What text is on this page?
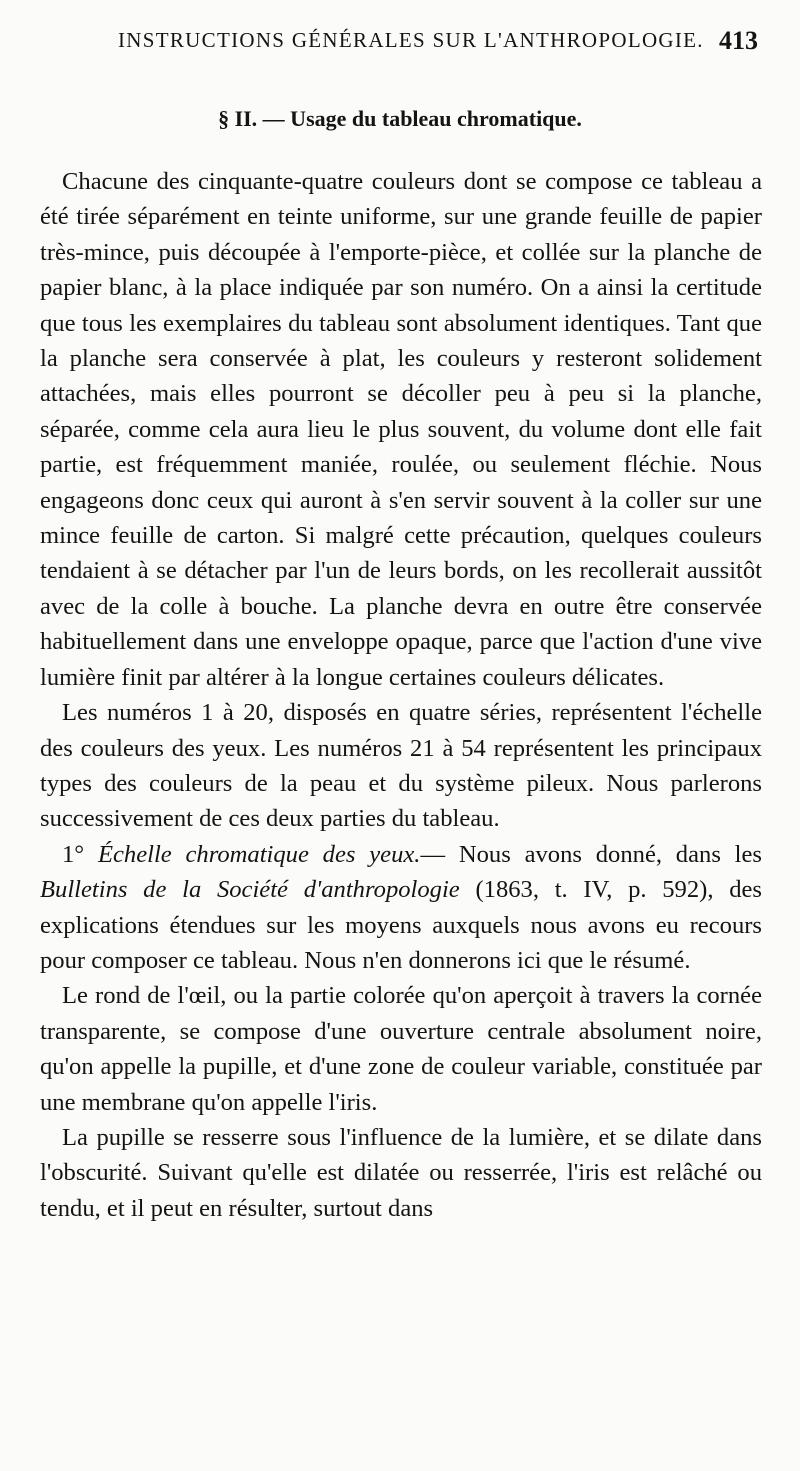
INSTRUCTIONS GÉNÉRALES SUR L'ANTHROPOLOGIE. 413
§ II. — Usage du tableau chromatique.

Chacune des cinquante-quatre couleurs dont se compose ce tableau a été tirée séparément en teinte uniforme, sur une grande feuille de papier très-mince, puis découpée à l'emporte-pièce, et collée sur la planche de papier blanc, à la place indiquée par son numéro. On a ainsi la certitude que tous les exemplaires du tableau sont absolument identiques. Tant que la planche sera conservée à plat, les couleurs y resteront solidement attachées, mais elles pourront se décoller peu à peu si la planche, séparée, comme cela aura lieu le plus souvent, du volume dont elle fait partie, est fréquemment maniée, roulée, ou seulement fléchie. Nous engageons donc ceux qui auront à s'en servir souvent à la coller sur une mince feuille de carton. Si malgré cette précaution, quelques couleurs tendaient à se détacher par l'un de leurs bords, on les recollerait aussitôt avec de la colle à bouche. La planche devra en outre être conservée habituellement dans une enveloppe opaque, parce que l'action d'une vive lumière finit par altérer à la longue certaines couleurs délicates.

Les numéros 1 à 20, disposés en quatre séries, représentent l'échelle des couleurs des yeux. Les numéros 21 à 54 représentent les principaux types des couleurs de la peau et du système pileux. Nous parlerons successivement de ces deux parties du tableau.

1° Échelle chromatique des yeux.— Nous avons donné, dans les Bulletins de la Société d'anthropologie (1863, t. IV, p. 592), des explications étendues sur les moyens auxquels nous avons eu recours pour composer ce tableau. Nous n'en donnerons ici que le résumé.

Le rond de l'œil, ou la partie colorée qu'on aperçoit à travers la cornée transparente, se compose d'une ouverture centrale absolument noire, qu'on appelle la pupille, et d'une zone de couleur variable, constituée par une membrane qu'on appelle l'iris.

La pupille se resserre sous l'influence de la lumière, et se dilate dans l'obscurité. Suivant qu'elle est dilatée ou resserrée, l'iris est relâché ou tendu, et il peut en résulter, surtout dans
